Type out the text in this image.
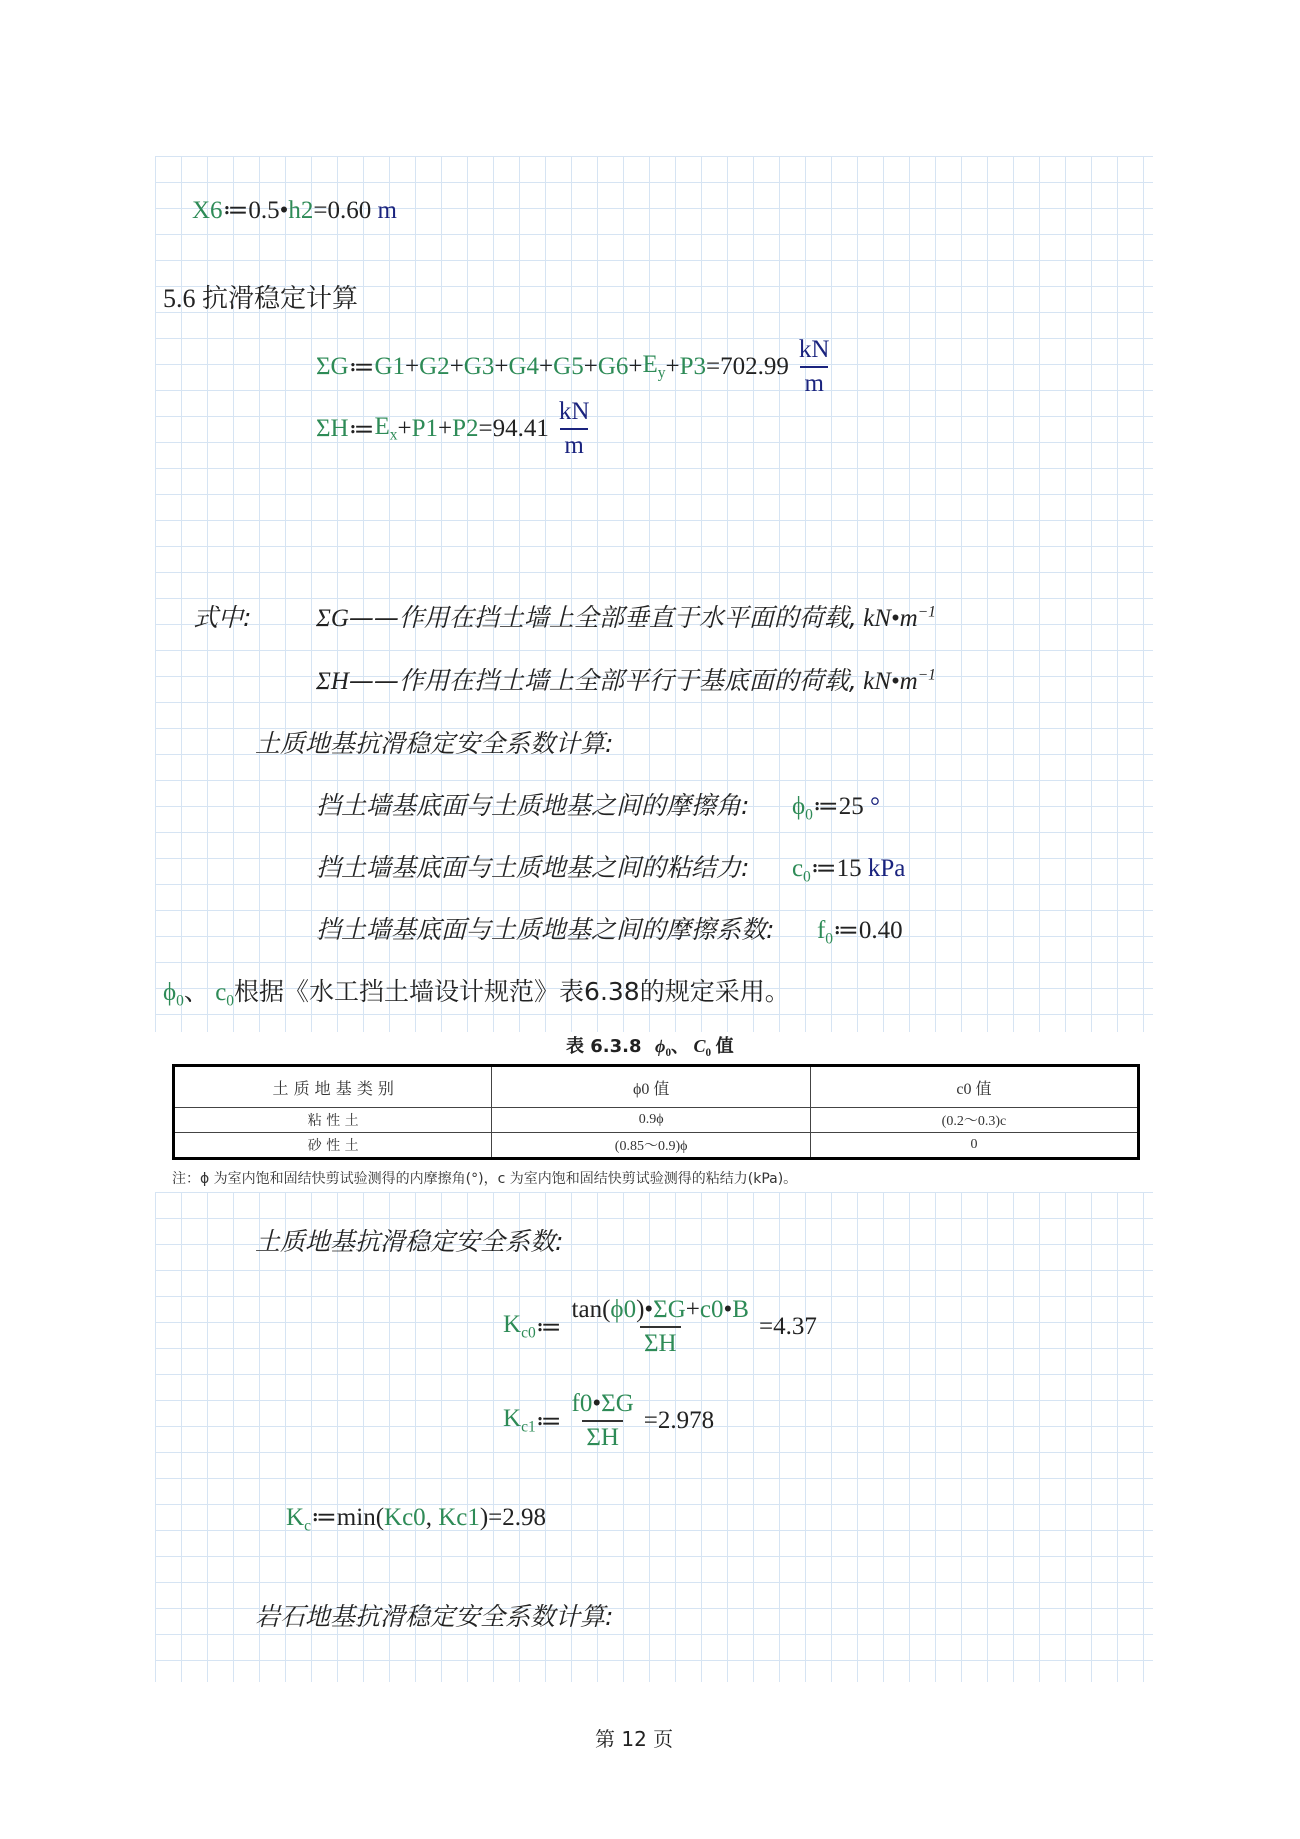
X6≔0.5•h2=0.60 m
5.6 抗滑稳定计算
ΣG ≔ $G1 + G2 + G3 + G4 + G5 + G6 + E_y + P3 = 702.99 \frac{kN}{m}$
ΣH ≔ $E_x + P1 + P2 = 94.41 \frac{kN}{m}$
式中:	ΣG——作用在挡土墙上全部垂直于水平面的荷载, $kN•m^{-1}$
ΣH——作用在挡土墙上全部平行于基底面的荷载, $kN•m^{-1}$
土质地基抗滑稳定安全系数计算:
挡土墙基底面与土质地基之间的摩擦角: $\phi_0≔25$ °
挡土墙基底面与土质地基之间的粘结力: $c_0≔15$ kPa
挡土墙基底面与土质地基之间的摩擦系数: $f_0≔0.40$
$\phi_0$、 $c_0$根据《水工挡土墙设计规范》表6.38的规定采用。
表 6.3.8 $\phi_0$、 $C_0$ 值
土 质 地 基 类 别	ϕ0 值	c0 值
粘 性 土	0.9ϕ	(0.2～0.3)c
砂 性 土	(0.85～0.9)ϕ	0
注：ϕ 为室内饱和固结快剪试验测得的内摩擦角(°)，c 为室内饱和固结快剪试验测得的粘结力(kPa)。
土质地基抗滑稳定安全系数:
$K_{c0}$ ≔ $\frac{\tan(\phi 0)•\Sigma G+c0•B}{\Sigma H} = 4.37$
$K_{c1}$ ≔ $\frac{f0•\Sigma G}{\Sigma H} = 2.978$
$K_c≔\min(Kc0$, Kc1)=2.98
岩石地基抗滑稳定安全系数计算:
第 12 页
